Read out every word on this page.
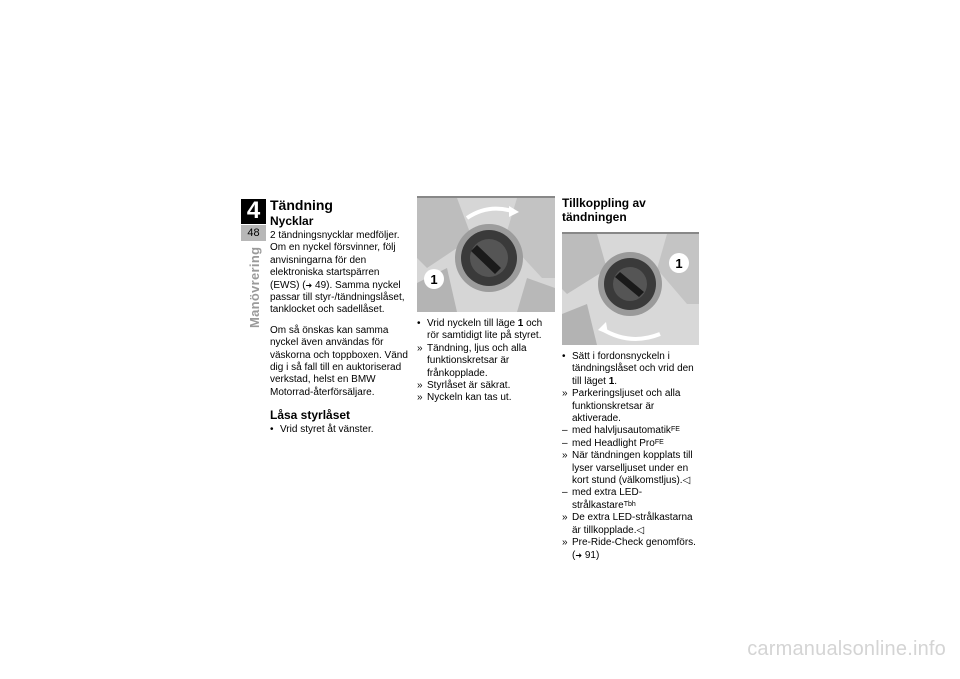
4
48
Manövrering
Tändning
Nycklar

2 tändningsnycklar medföljer. Om en nyckel försvinner, följ anvisningarna för den elektroniska startspärren (EWS) (➜ 49). Samma nyckel passar till styr-/tändningslåset, tanklocket och sadellåset.

Om så önskas kan samma nyckel även användas för väskorna och toppboxen. Vänd dig i så fall till en auktoriserad verkstad, helst en BMW Motorrad-återförsäljare.

Låsa styrlåset
• Vrid styret åt vänster.
1
• Vrid nyckeln till läge 1 och rör samtidigt lite på styret.
» Tändning, ljus och alla funktionskretsar är frånkopplade.
» Styrlåset är säkrat.
» Nyckeln kan tas ut.
Tillkoppling av tändningen
1
• Sätt i fordonsnyckeln i tändningslåset och vrid den till läget 1.
» Parkeringsljuset och alla funktionskretsar är aktiverade.
– med halvljusautomatik$^{FE}$
– med Headlight Pro$^{FE}$
» När tändningen kopplats till lyser varselljuset under en kort stund (välkomstljus).◁
– med extra LED-strålkastare$^{Tbh}$
» De extra LED-strålkastarna är tillkopplade.◁
» Pre-Ride-Check genomförs.
(➜ 91)
carmanualsonline.info
